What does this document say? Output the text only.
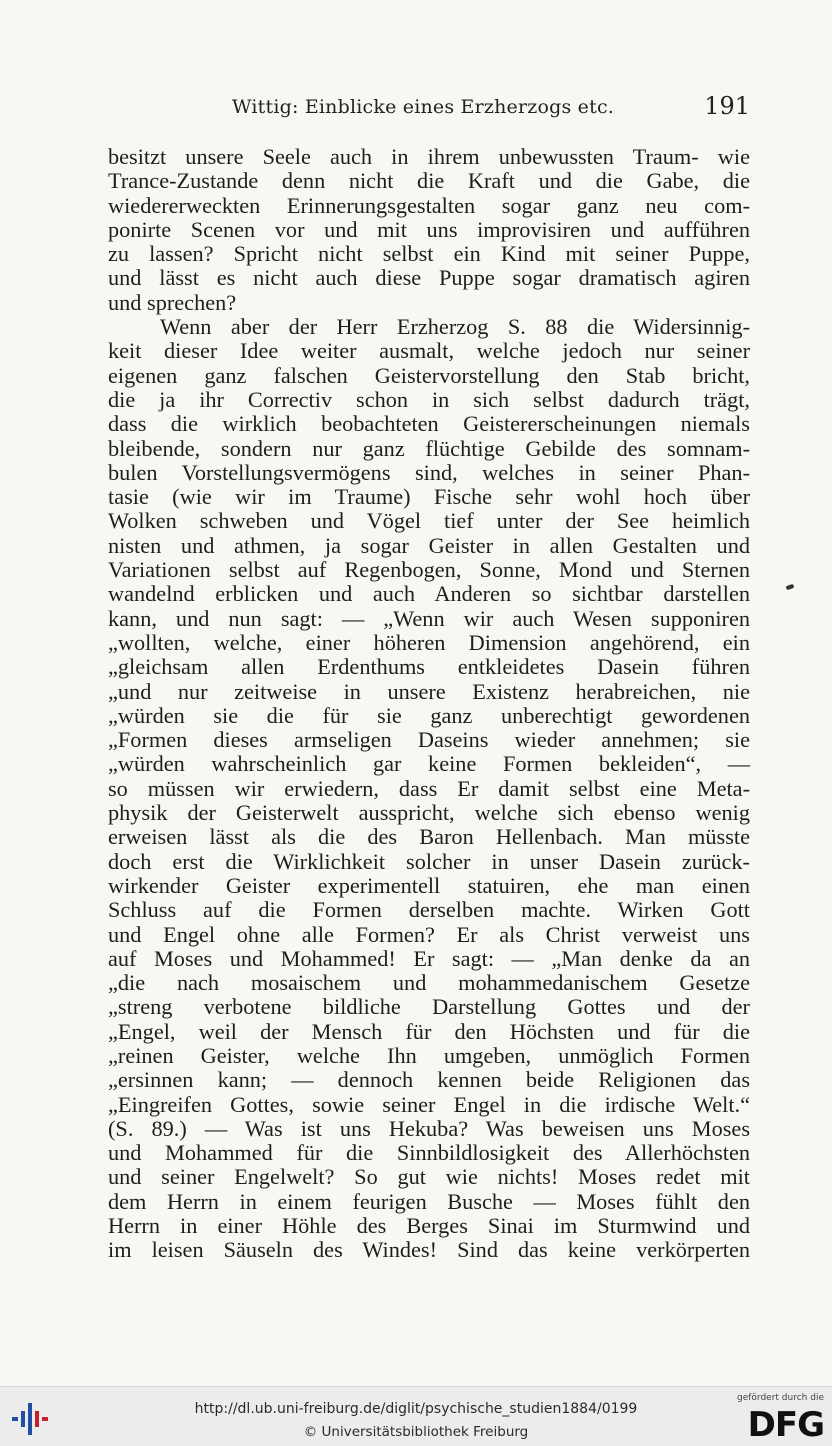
Wittig: Einblicke eines Erzherzogs etc.	191
besitzt unsere Seele auch in ihrem unbewussten Traum- wie
Trance-Zustande denn nicht die Kraft und die Gabe, die
wiedererweckten Erinnerungsgestalten sogar ganz neu com-
ponirte Scenen vor und mit uns improvisiren und aufführen
zu lassen? Spricht nicht selbst ein Kind mit seiner Puppe,
und lässt es nicht auch diese Puppe sogar dramatisch agiren
und sprechen?
Wenn aber der Herr Erzherzog S. 88 die Widersinnig-
keit dieser Idee weiter ausmalt, welche jedoch nur seiner
eigenen ganz falschen Geistervorstellung den Stab bricht,
die ja ihr Correctiv schon in sich selbst dadurch trägt,
dass die wirklich beobachteten Geistererscheinungen niemals
bleibende, sondern nur ganz flüchtige Gebilde des somnam-
bulen Vorstellungsvermögens sind, welches in seiner Phan-
tasie (wie wir im Traume) Fische sehr wohl hoch über
Wolken schweben und Vögel tief unter der See heimlich
nisten und athmen, ja sogar Geister in allen Gestalten und
Variationen selbst auf Regenbogen, Sonne, Mond und Sternen
wandelnd erblicken und auch Anderen so sichtbar darstellen
kann, und nun sagt: — „Wenn wir auch Wesen supponiren
„wollten, welche, einer höheren Dimension angehörend, ein
„gleichsam allen Erdenthums entkleidetes Dasein führen
„und nur zeitweise in unsere Existenz herabreichen, nie
„würden sie die für sie ganz unberechtigt gewordenen
„Formen dieses armseligen Daseins wieder annehmen; sie
„würden wahrscheinlich gar keine Formen bekleiden“, —
so müssen wir erwiedern, dass Er damit selbst eine Meta-
physik der Geisterwelt ausspricht, welche sich ebenso wenig
erweisen lässt als die des Baron Hellenbach. Man müsste
doch erst die Wirklichkeit solcher in unser Dasein zurück-
wirkender Geister experimentell statuiren, ehe man einen
Schluss auf die Formen derselben machte. Wirken Gott
und Engel ohne alle Formen? Er als Christ verweist uns
auf Moses und Mohammed! Er sagt: — „Man denke da an
„die nach mosaischem und mohammedanischem Gesetze
„streng verbotene bildliche Darstellung Gottes und der
„Engel, weil der Mensch für den Höchsten und für die
„reinen Geister, welche Ihn umgeben, unmöglich Formen
„ersinnen kann; — dennoch kennen beide Religionen das
„Eingreifen Gottes, sowie seiner Engel in die irdische Welt.“
(S. 89.) — Was ist uns Hekuba? Was beweisen uns Moses
und Mohammed für die Sinnbildlosigkeit des Allerhöchsten
und seiner Engelwelt? So gut wie nichts! Moses redet mit
dem Herrn in einem feurigen Busche — Moses fühlt den
Herrn in einer Höhle des Berges Sinai im Sturmwind und
im leisen Säuseln des Windes! Sind das keine verkörperten
http://dl.ub.uni-freiburg.de/diglit/psychische_studien1884/0199
© Universitätsbibliothek Freiburg
gefördert durch die
DFG
